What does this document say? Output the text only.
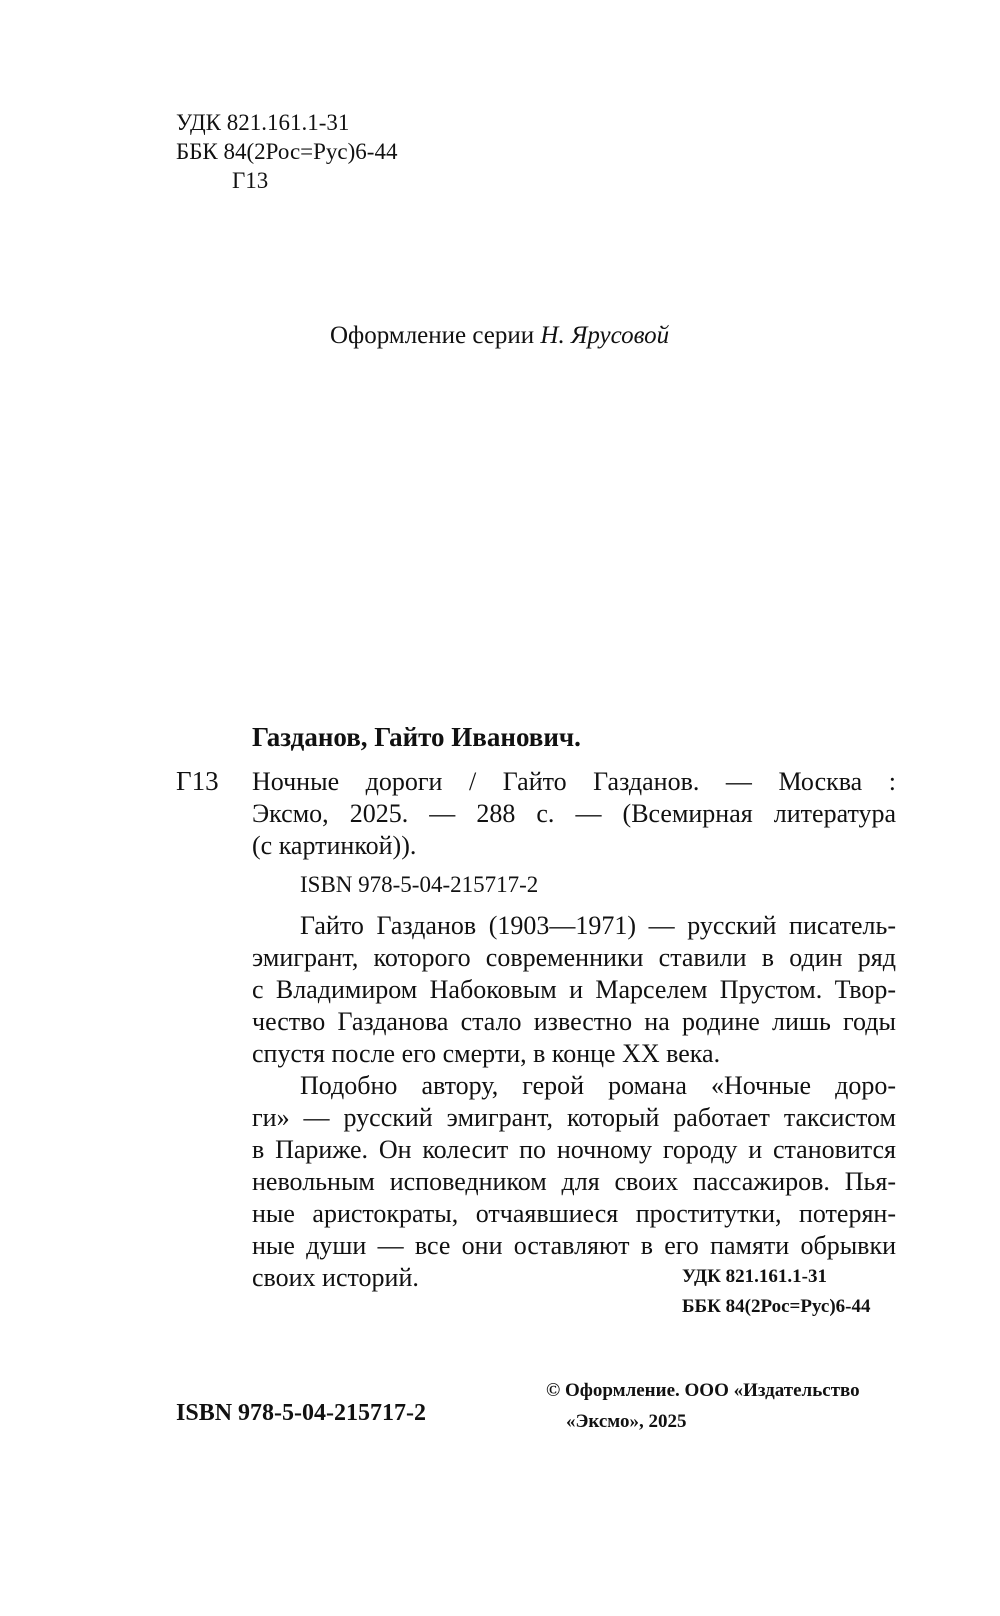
УДК 821.161.1-31
ББК 84(2Рос=Рус)6-44
Г13
Оформление серии Н. Ярусовой
Газданов, Гайто Иванович.
Г13 Ночные дороги / Гайто Газданов. — Москва :
Эксмо, 2025. — 288 с. — (Всемирная литература
(с картинкой)).
ISBN 978-5-04-215717-2
Гайто Газданов (1903—1971) — русский писатель-
эмигрант, которого современники ставили в один ряд
с Владимиром Набоковым и Марселем Прустом. Твор-
чество Газданова стало известно на родине лишь годы
спустя после его смерти, в конце XX века.
Подобно автору, герой романа «Ночные доро-
ги» — русский эмигрант, который работает таксистом
в Париже. Он колесит по ночному городу и становится
невольным исповедником для своих пассажиров. Пья-
ные аристократы, отчаявшиеся проститутки, потерян-
ные души — все они оставляют в его памяти обрывки
своих историй.	УДК 821.161.1-31
ББК 84(2Рос=Рус)6-44
ISBN 978-5-04-215717-2
© Оформление. ООО «Издательство
«Эксмо», 2025
